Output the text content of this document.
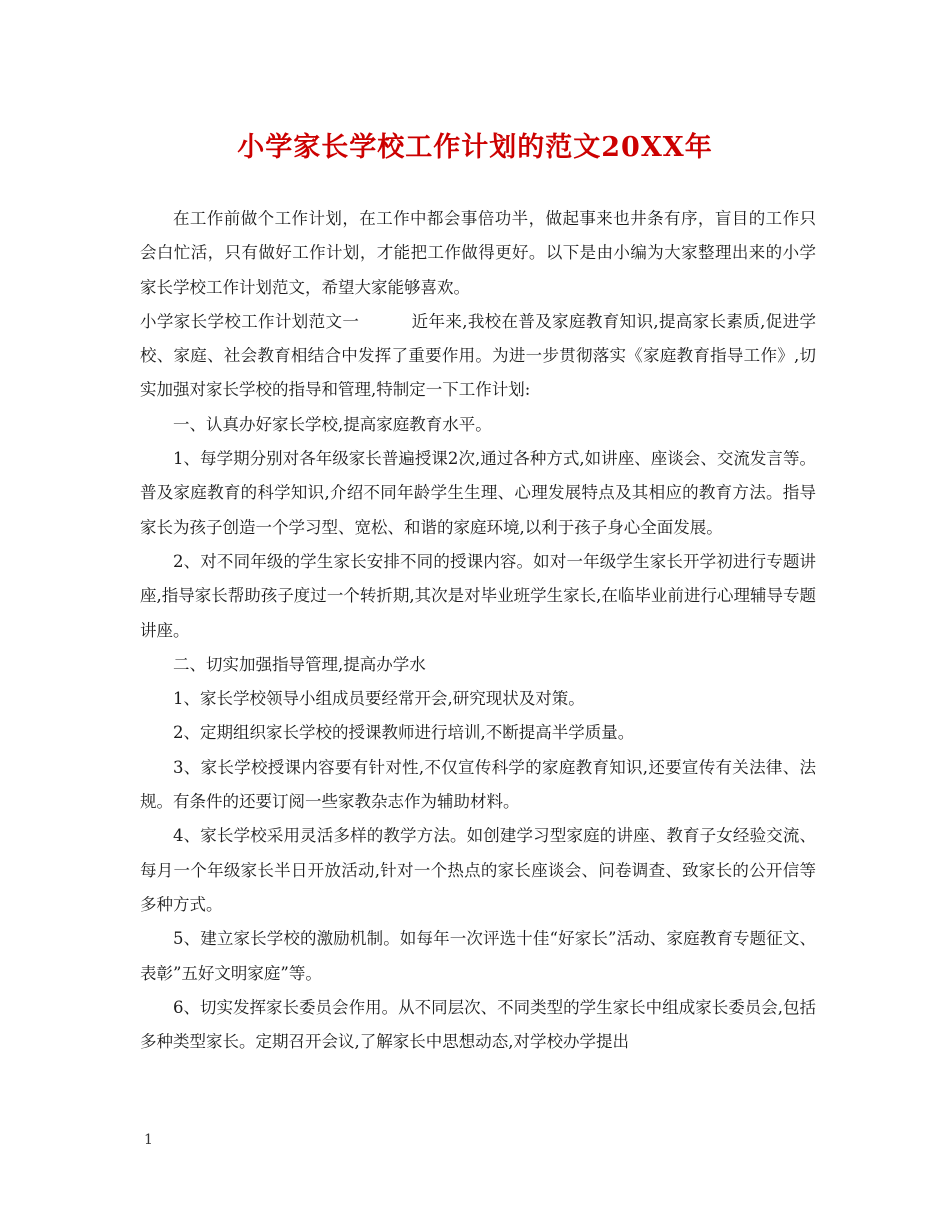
小学家长学校工作计划的范文20XX年

在工作前做个工作计划，在工作中都会事倍功半，做起事来也井条有序，盲目的工作只会白忙活，只有做好工作计划，才能把工作做得更好。以下是由小编为大家整理出来的小学家长学校工作计划范文，希望大家能够喜欢。

小学家长学校工作计划范文一	近年来,我校在普及家庭教育知识,提高家长素质,促进学校、家庭、社会教育相结合中发挥了重要作用。为进一步贯彻落实《家庭教育指导工作》,切实加强对家长学校的指导和管理,特制定一下工作计划:

一、认真办好家长学校,提高家庭教育水平。

1、每学期分别对各年级家长普遍授课2次,通过各种方式,如讲座、座谈会、交流发言等。普及家庭教育的科学知识,介绍不同年龄学生生理、心理发展特点及其相应的教育方法。指导家长为孩子创造一个学习型、宽松、和谐的家庭环境,以利于孩子身心全面发展。

2、对不同年级的学生家长安排不同的授课内容。如对一年级学生家长开学初进行专题讲座,指导家长帮助孩子度过一个转折期,其次是对毕业班学生家长,在临毕业前进行心理辅导专题讲座。

二、切实加强指导管理,提高办学水

1、家长学校领导小组成员要经常开会,研究现状及对策。

2、定期组织家长学校的授课教师进行培训,不断提高半学质量。

3、家长学校授课内容要有针对性,不仅宣传科学的家庭教育知识,还要宣传有关法律、法规。有条件的还要订阅一些家教杂志作为辅助材料。

4、家长学校采用灵活多样的教学方法。如创建学习型家庭的讲座、教育子女经验交流、每月一个年级家长半日开放活动,针对一个热点的家长座谈会、问卷调查、致家长的公开信等多种方式。

5、建立家长学校的激励机制。如每年一次评选十佳“好家长”活动、家庭教育专题征文、表彰”五好文明家庭”等。

6、切实发挥家长委员会作用。从不同层次、不同类型的学生家长中组成家长委员会,包括多种类型家长。定期召开会议,了解家长中思想动态,对学校办学提出

1
